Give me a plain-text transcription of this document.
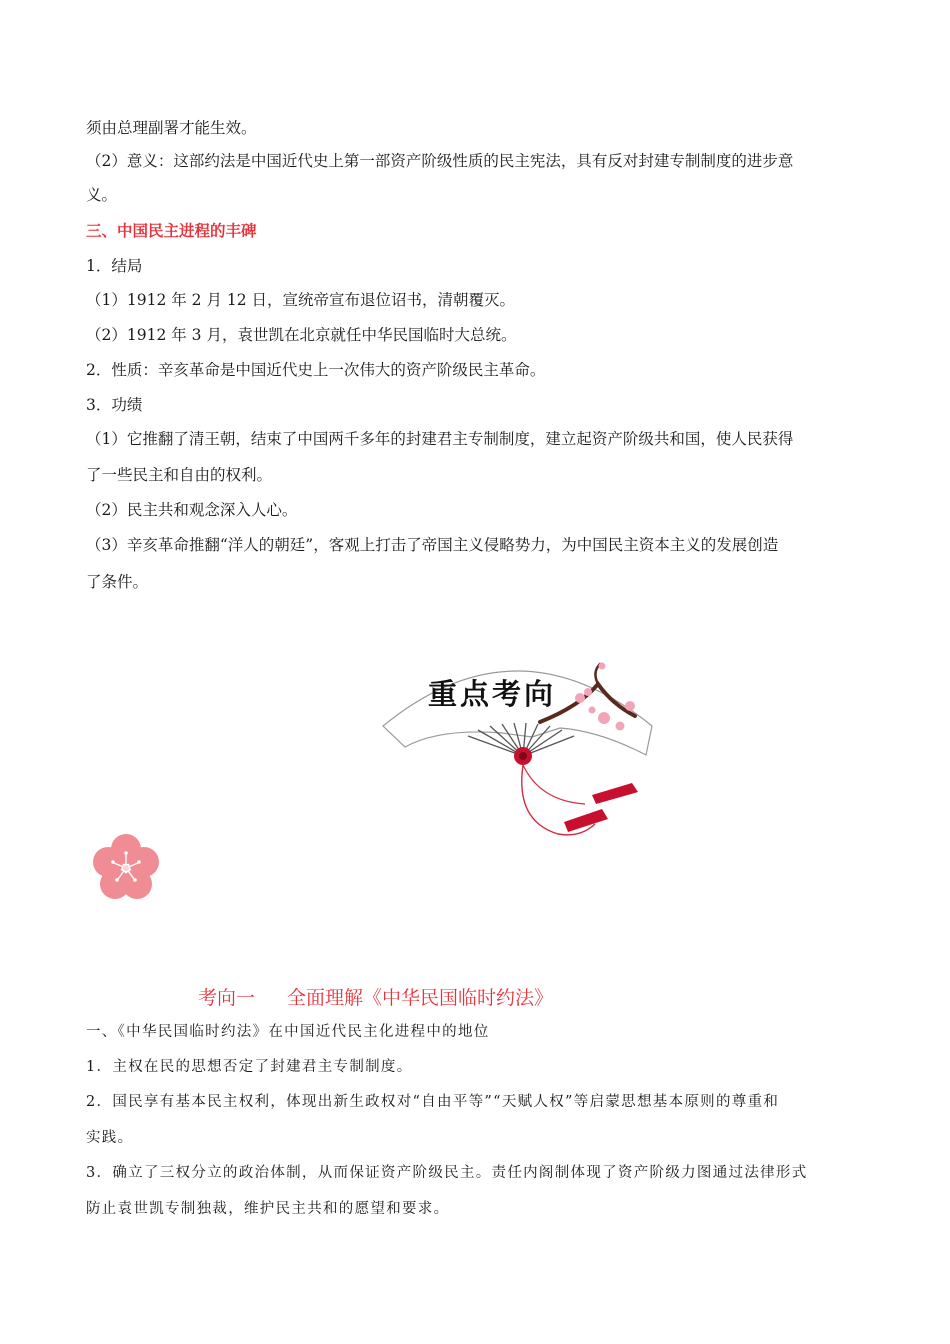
须由总理副署才能生效。
（2）意义：这部约法是中国近代史上第一部资产阶级性质的民主宪法，具有反对封建专制制度的进步意
义。
三、中国民主进程的丰碑
1．结局
（1）1912 年 2 月 12 日，宣统帝宣布退位诏书，清朝覆灭。
（2）1912 年 3 月，袁世凯在北京就任中华民国临时大总统。
2．性质：辛亥革命是中国近代史上一次伟大的资产阶级民主革命。
3．功绩
（1）它推翻了清王朝，结束了中国两千多年的封建君主专制制度，建立起资产阶级共和国，使人民获得
了一些民主和自由的权利。
（2）民主共和观念深入人心。
（3）辛亥革命推翻“洋人的朝廷”，客观上打击了帝国主义侵略势力，为中国民主资本主义的发展创造
了条件。
重点考向
考向一 全面理解《中华民国临时约法》
一、《中华民国临时约法》在中国近代民主化进程中的地位
1．主权在民的思想否定了封建君主专制制度。
2．国民享有基本民主权利，体现出新生政权对“自由平等”“天赋人权”等启蒙思想基本原则的尊重和
实践。
3．确立了三权分立的政治体制，从而保证资产阶级民主。责任内阁制体现了资产阶级力图通过法律形式
防止袁世凯专制独裁，维护民主共和的愿望和要求。
